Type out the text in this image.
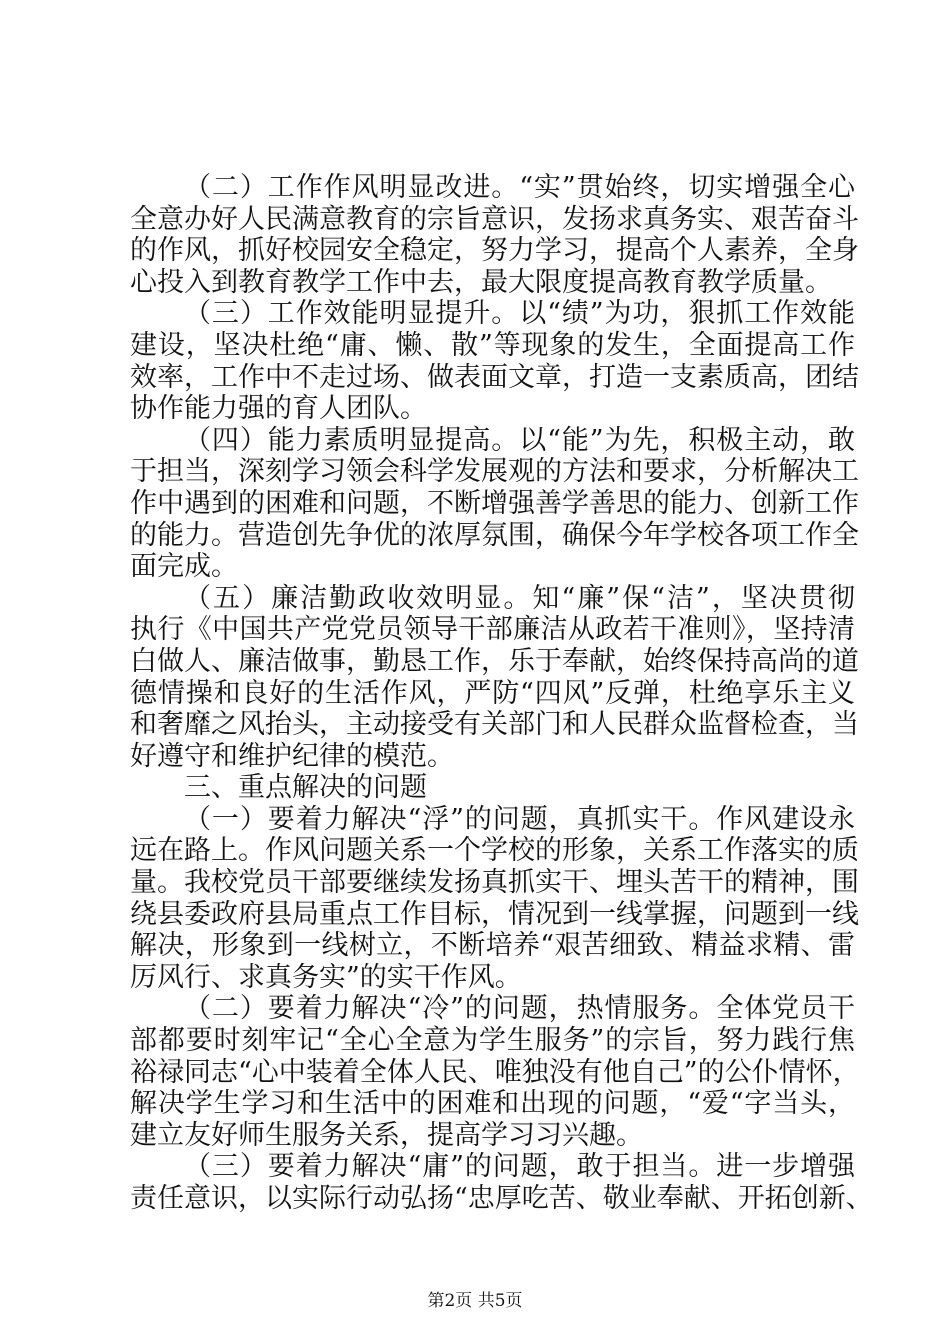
（二）工作作风明显改进。“实”贯始终，切实增强全心
全意办好人民满意教育的宗旨意识，发扬求真务实、艰苦奋斗
的作风，抓好校园安全稳定，努力学习，提高个人素养，全身
心投入到教育教学工作中去，最大限度提高教育教学质量。
（三）工作效能明显提升。以“绩”为功，狠抓工作效能
建设，坚决杜绝“庸、懒、散”等现象的发生，全面提高工作
效率，工作中不走过场、做表面文章，打造一支素质高，团结
协作能力强的育人团队。
（四）能力素质明显提高。以“能”为先，积极主动，敢
于担当，深刻学习领会科学发展观的方法和要求，分析解决工
作中遇到的困难和问题，不断增强善学善思的能力、创新工作
的能力。营造创先争优的浓厚氛围，确保今年学校各项工作全
面完成。
（五）廉洁勤政收效明显。知“廉”保“洁”，坚决贯彻
执行《中国共产党党员领导干部廉洁从政若干准则》，坚持清
白做人、廉洁做事，勤恳工作，乐于奉献，始终保持高尚的道
德情操和良好的生活作风，严防“四风”反弹，杜绝享乐主义
和奢靡之风抬头，主动接受有关部门和人民群众监督检查，当
好遵守和维护纪律的模范。
三、重点解决的问题
（一）要着力解决“浮”的问题，真抓实干。作风建设永
远在路上。作风问题关系一个学校的形象，关系工作落实的质
量。我校党员干部要继续发扬真抓实干、埋头苦干的精神，围
绕县委政府县局重点工作目标，情况到一线掌握，问题到一线
解决，形象到一线树立，不断培养“艰苦细致、精益求精、雷
厉风行、求真务实”的实干作风。
（二）要着力解决“冷”的问题，热情服务。全体党员干
部都要时刻牢记“全心全意为学生服务”的宗旨，努力践行焦
裕禄同志“心中装着全体人民、唯独没有他自己”的公仆情怀，
解决学生学习和生活中的困难和出现的问题，“爱“字当头，
建立友好师生服务关系，提高学习习兴趣。
（三）要着力解决“庸”的问题，敢于担当。进一步增强
责任意识，以实际行动弘扬“忠厚吃苦、敬业奉献、开拓创新、
第2页 共5页
